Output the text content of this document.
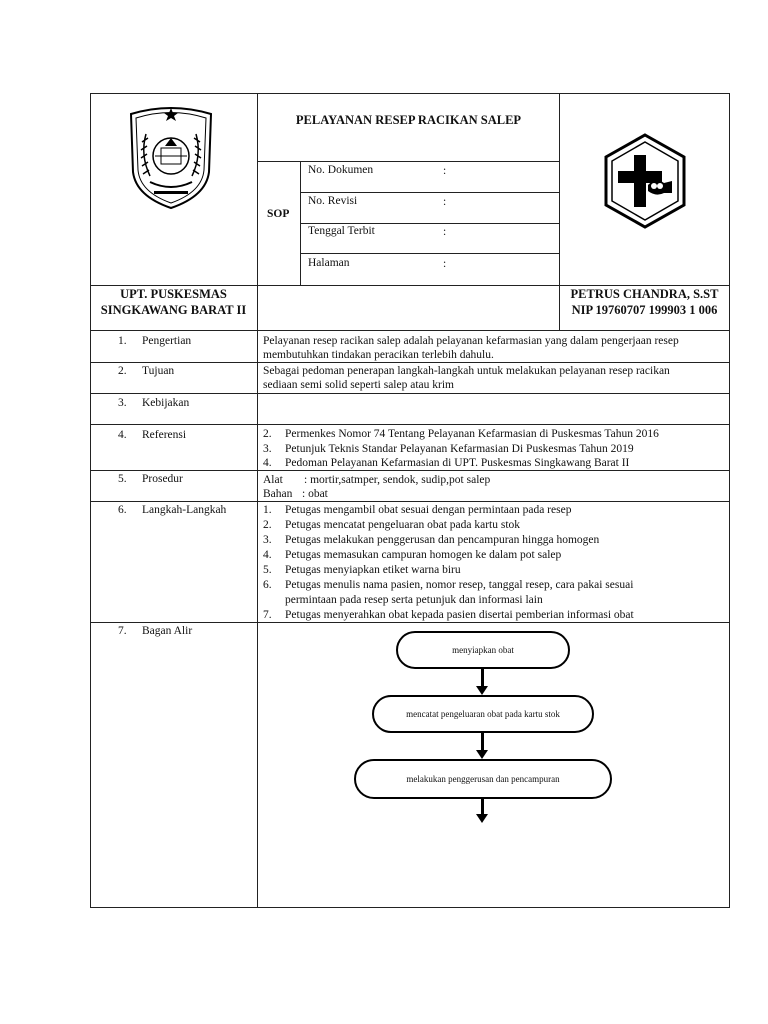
PELAYANAN RESEP RACIKAN SALEP
SOP
No. Dokumen	:
No. Revisi	:
Tenggal Terbit	:
Halaman	:
UPT. PUSKESMAS
SINGKAWANG BARAT II
PETRUS CHANDRA, S.ST
NIP 19760707 199903 1 006
1. Pengertian	Pelayanan resep racikan salep adalah pelayanan kefarmasian yang dalam pengerjaan resep
membutuhkan tindakan peracikan terlebih dahulu.
2. Tujuan	Sebagai pedoman penerapan langkah-langkah untuk melakukan pelayanan resep racikan
sediaan semi solid seperti salep atau krim
3. Kebijakan
4. Referensi	2. Permenkes Nomor 74 Tentang Pelayanan Kefarmasian di Puskesmas Tahun 2016
3. Petunjuk Teknis Standar Pelayanan Kefarmasian Di Puskesmas Tahun 2019
4. Pedoman Pelayanan Kefarmasian di UPT. Puskesmas Singkawang Barat II
5. Prosedur	Alat : mortir,satmper, sendok, sudip,pot salep
Bahan : obat
6. Langkah-Langkah	1. Petugas mengambil obat sesuai dengan permintaan pada resep
2. Petugas mencatat pengeluaran obat pada kartu stok
3. Petugas melakukan penggerusan dan pencampuran hingga homogen
4. Petugas memasukan campuran homogen ke dalam pot salep
5. Petugas menyiapkan etiket warna biru
6. Petugas menulis nama pasien, nomor resep, tanggal resep, cara pakai sesuai
permintaan pada resep serta petunjuk dan informasi lain
7. Petugas menyerahkan obat kepada pasien disertai pemberian informasi obat
7. Bagan Alir
menyiapkan obat
mencatat pengeluaran obat pada kartu stok
melakukan penggerusan dan pencampuran
